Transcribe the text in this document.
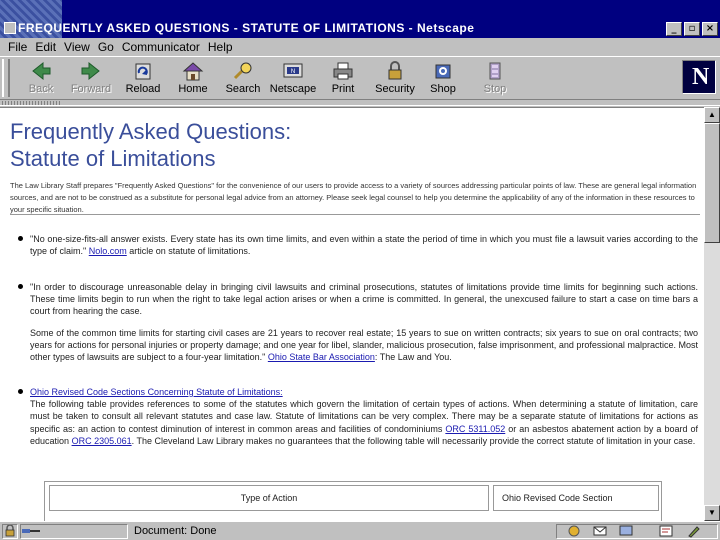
FREQUENTLY ASKED QUESTIONS - STATUTE OF LIMITATIONS - Netscape	_	▫	×
File Edit View Go Communicator Help
Back	Forward	Reload	Home	Search
N
Netscape	Print	Security	Shop	Stop	N
Frequently Asked Questions:
Statute of Limitations

The Law Library Staff prepares "Frequently Asked Questions" for the convenience of our users to provide access to a variety of sources addressing particular points of law. These are general legal information sources, and are not to be construed as a substitute for personal legal advice from an attorney. Please seek legal counsel to help you determine the applicability of any of the information in these resources to your specific situation.

"No one-size-fits-all answer exists. Every state has its own time limits, and even within a state the period of time in which you must file a lawsuit varies according to the type of claim." Nolo.com article on statute of limitations.
"In order to discourage unreasonable delay in bringing civil lawsuits and criminal prosecutions, statutes of limitations provide time limits for beginning such actions. These time limits begin to run when the right to take legal action arises or when a crime is committed. In general, the unexcused failure to start a case on time bars a court from hearing the case.
Some of the common time limits for starting civil cases are 21 years to recover real estate; 15 years to sue on written contracts; six years to sue on oral contracts; two years for actions for personal injuries or property damage; and one year for libel, slander, malicious prosecution, false imprisonment, and professional malpractice. Most other types of lawsuits are subject to a four-year limitation." Ohio State Bar Association: The Law and You.
Ohio Revised Code Sections Concerning Statute of Limitations:
The following table provides references to some of the statutes which govern the limitation of certain types of actions. When determining a statute of limitation, care must be taken to consult all relevant statutes and case law. Statute of limitations can be very complex. There may be a separate statute of limitations for actions as specific as: an action to contest diminution of interest in common areas and facilities of condominiums ORC 5311.052 or an asbestos abatement action by a board of education ORC 2305.061. The Cleveland Law Library makes no guarantees that the following table will necessarily provide the correct statute of limitation in your case.
Type of Action	Ohio Revised Code Section
▲
▼
Document: Done
